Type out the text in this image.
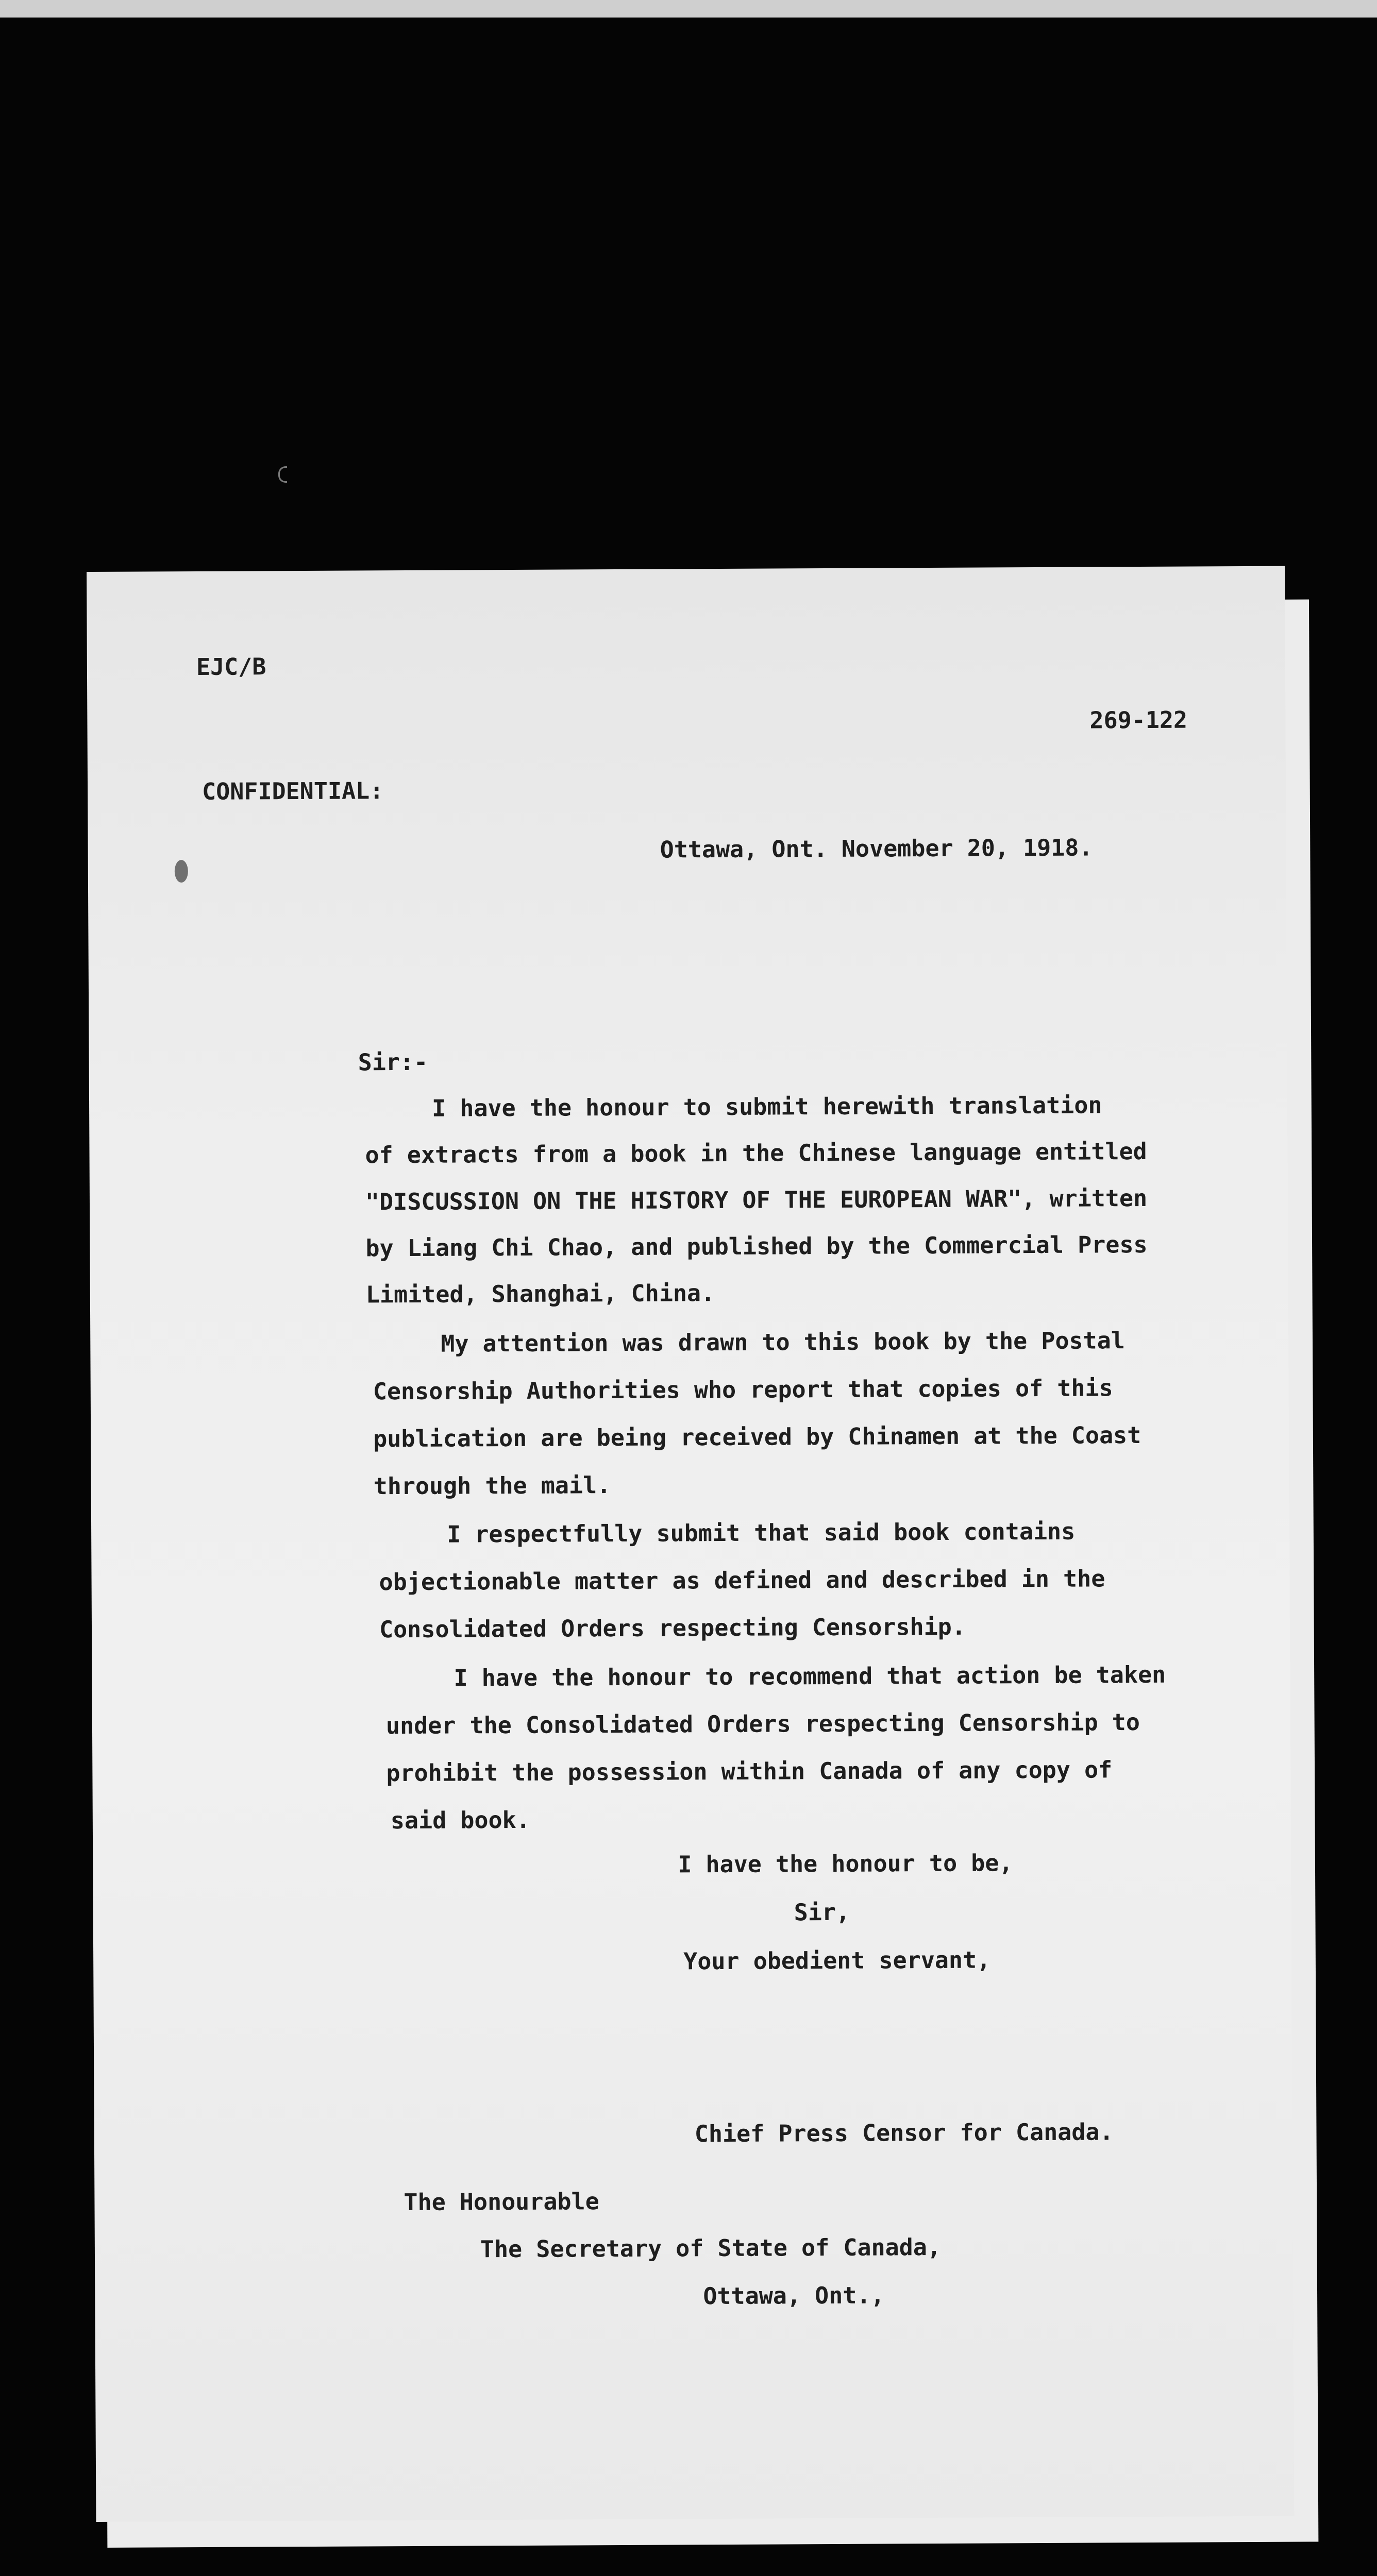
EJC/B
269-122
CONFIDENTIAL:
Ottawa, Ont. November 20, 1918.
Sir:-
I have the honour to submit herewith translation
of extracts from a book in the Chinese language entitled
"DISCUSSION ON THE HISTORY OF THE EUROPEAN WAR", written
by Liang Chi Chao, and published by the Commercial Press
Limited, Shanghai, China.
My attention was drawn to this book by the Postal
Censorship Authorities who report that copies of this
publication are being received by Chinamen at the Coast
through the mail.
I respectfully submit that said book contains
objectionable matter as defined and described in the
Consolidated Orders respecting Censorship.
I have the honour to recommend that action be taken
under the Consolidated Orders respecting Censorship to
prohibit the possession within Canada of any copy of
said book.
I have the honour to be,
Sir,
Your obedient servant,
Chief Press Censor for Canada.
The Honourable
The Secretary of State of Canada,
Ottawa, Ont.,
